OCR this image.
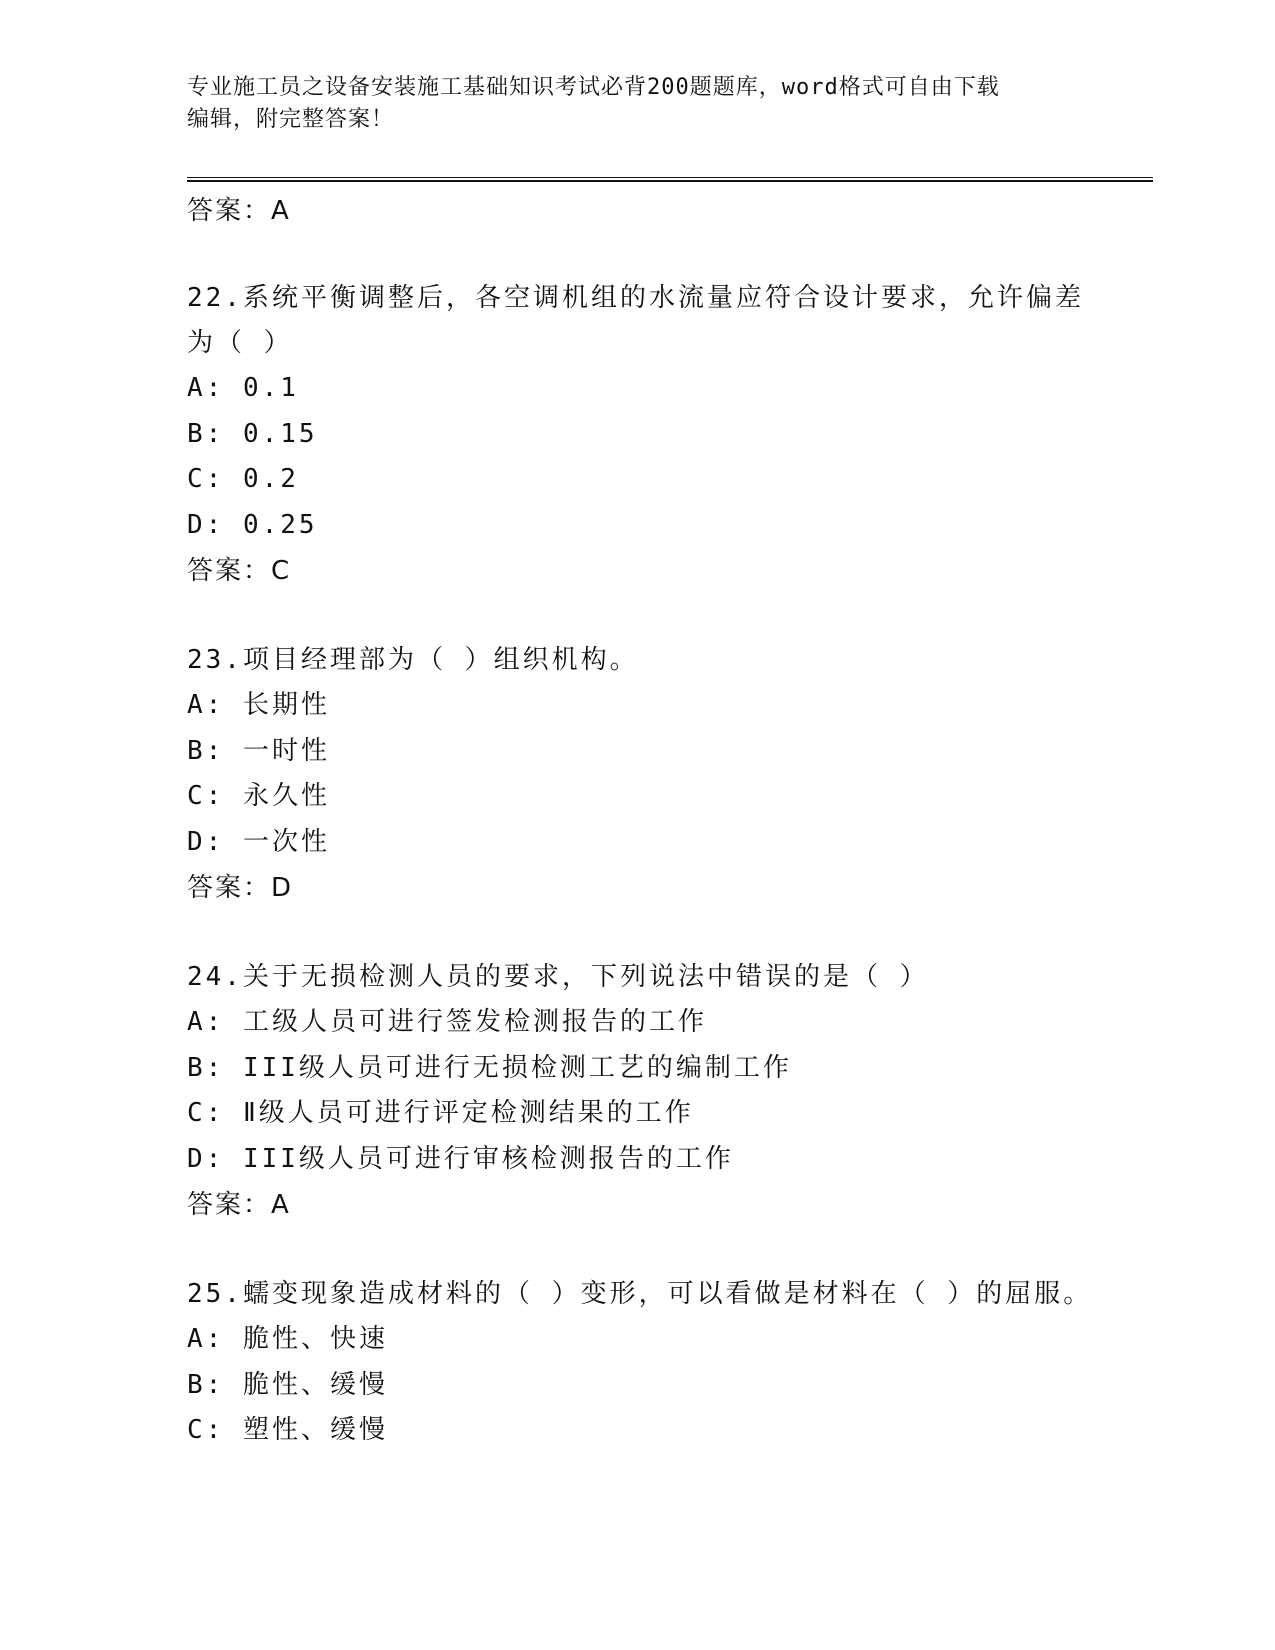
专业施工员之设备安装施工基础知识考试必背200题题库，word格式可自由下载
编辑，附完整答案！
答案：A
22.系统平衡调整后，各空调机组的水流量应符合设计要求，允许偏差
为（ ）
A: 0.1
B: 0.15
C: 0.2
D: 0.25
答案：C
23.项目经理部为（ ）组织机构。
A: 长期性
B: 一时性
C: 永久性
D: 一次性
答案：D
24.关于无损检测人员的要求，下列说法中错误的是（ ）
A: 工级人员可进行签发检测报告的工作
B: III级人员可进行无损检测工艺的编制工作
C: Ⅱ级人员可进行评定检测结果的工作
D: III级人员可进行审核检测报告的工作
答案：A
25.蠕变现象造成材料的（ ）变形，可以看做是材料在（ ）的屈服。
A: 脆性、快速
B: 脆性、缓慢
C: 塑性、缓慢
